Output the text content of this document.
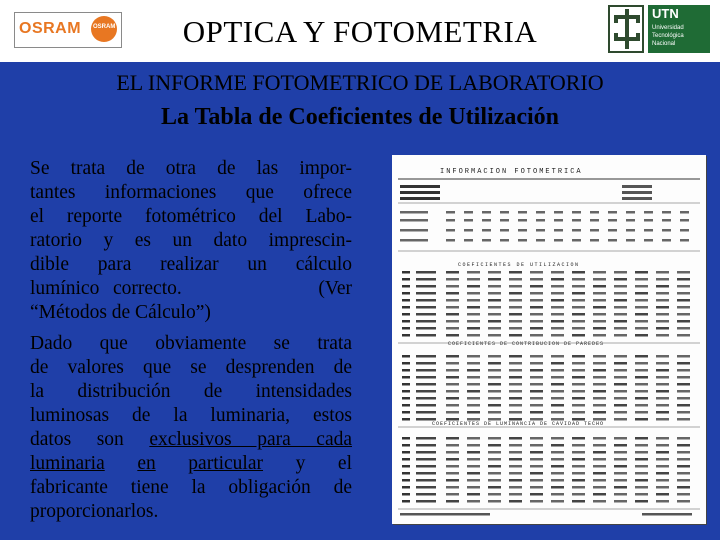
OSRAM OSRAM	OPTICA Y FOTOMETRIA
UTN
Universidad
Tecnológica
Nacional
EL INFORME FOTOMETRICO DE LABORATORIO
La Tabla de Coeficientes de Utilización
Se trata de otra de las impor-
tantes informaciones que ofrece
el reporte fotométrico del Labo-
ratorio y es un dato imprescin-
dible para realizar un cálculo
lumínico correcto.          (Ver
“Métodos de Cálculo”)
Dado que obviamente se trata
de valores que se desprenden de
la distribución de intensidades
luminosas de la luminaria, estos
datos son exclusivos para cada
luminaria en particular y el
fabricante tiene la obligación de
proporcionarlos.
INFORMACION FOTOMETRICA
COEFICIENTES DE UTILIZACION
COEFICIENTES DE CONTRIBUCION DE PAREDES
COEFICIENTES DE LUMINANCIA DE CAVIDAD TECHO
